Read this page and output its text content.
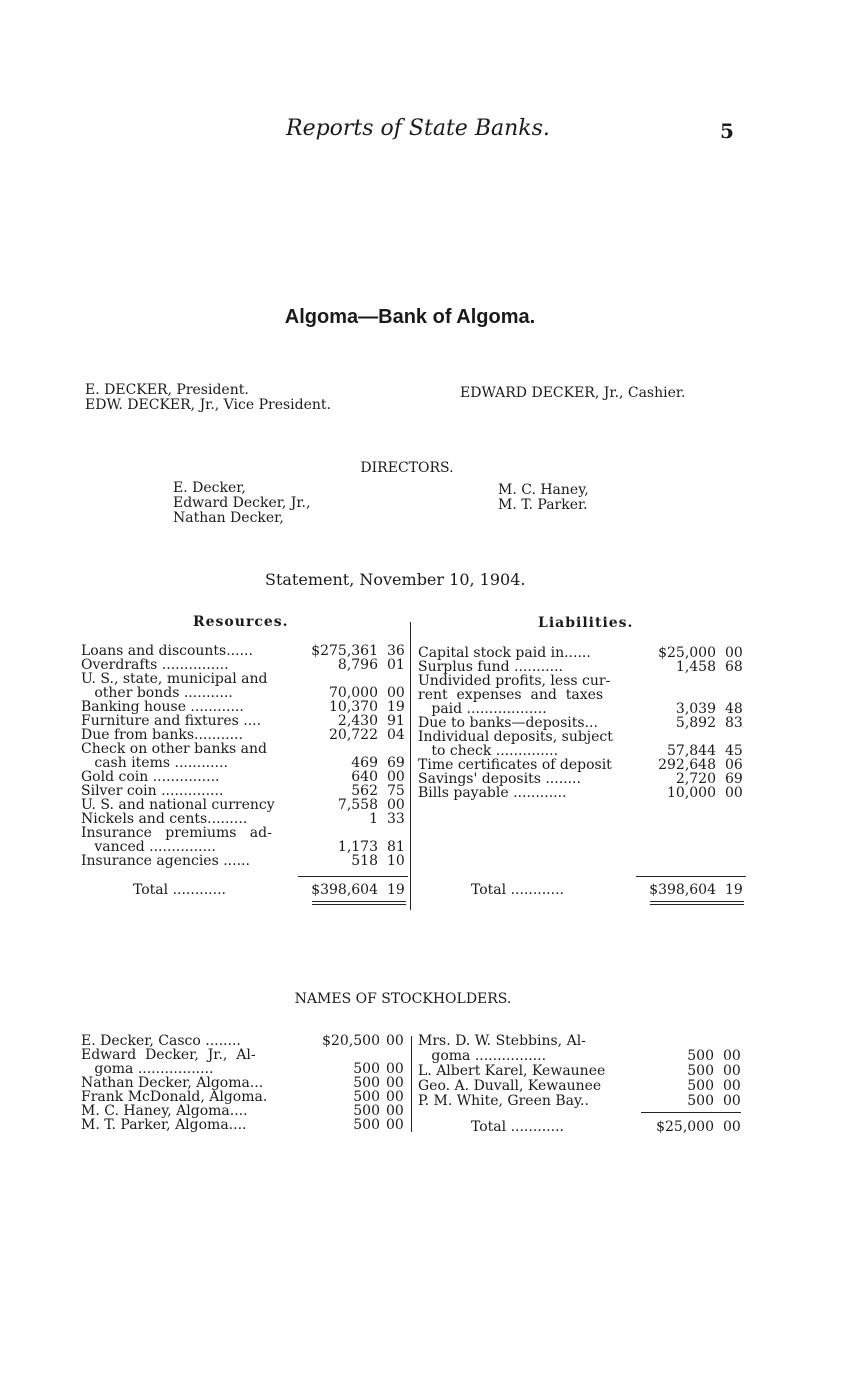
Reports of State Banks.	5
Algoma—Bank of Algoma.
E. DECKER, President.
EDW. DECKER, Jr., Vice President.
EDWARD DECKER, Jr., Cashier.
DIRECTORS.
E. Decker,
Edward Decker, Jr.,
Nathan Decker,
M. C. Haney,
M. T. Parker.
Statement, November 10, 1904.
Resources.	Liabilities.
Loans and discounts......	$275,361 36
Overdrafts ...............	8,796 01
U. S., state, municipal and
other bonds ...........	70,000 00
Banking house ............	10,370 19
Furniture and fixtures ....	2,430 91
Due from banks...........	20,722 04
Check on other banks and
cash items ............	469 69
Gold coin ...............	640 00
Silver coin ..............	562 75
U. S. and national currency	7,558 00
Nickels and cents.........	1 33
Insurance   premiums   ad-
vanced ...............	1,173 81
Insurance agencies ......	518 10
Capital stock paid in......	$25,000 00
Surplus fund ...........	1,458 68
Undivided profits, less cur-
rent  expenses  and  taxes
paid ..................	3,039 48
Due to banks—deposits...	5,892 83
Individual deposits, subject
to check ..............	57,844 45
Time certificates of deposit	292,648 06
Savings' deposits ........	2,720 69
Bills payable ............	10,000 00
Total ............	$398,604 19	Total ............	$398,604 19
NAMES OF STOCKHOLDERS.
E. Decker, Casco ........	$20,500 00
Edward  Decker,  Jr.,  Al-
goma .................	500 00
Nathan Decker, Algoma...	500 00
Frank McDonald, Algoma.	500 00
M. C. Haney, Algoma....	500 00
M. T. Parker, Algoma....	500 00
Mrs. D. W. Stebbins, Al-
goma ................	500 00
L. Albert Karel, Kewaunee	500 00
Geo. A. Duvall, Kewaunee	500 00
P. M. White, Green Bay..	500 00
Total ............	$25,000 00
